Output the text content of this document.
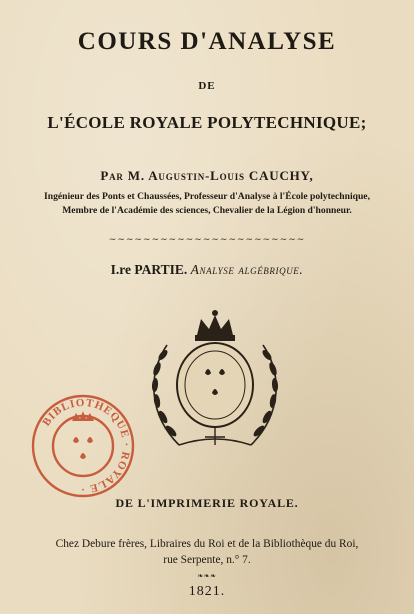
COURS D'ANALYSE
DE
L'ÉCOLE ROYALE POLYTECHNIQUE;
Par M. Augustin-Louis CAUCHY,
Ingénieur des Ponts et Chaussées, Professeur d'Analyse à l'École polytechnique,
Membre de l'Académie des sciences, Chevalier de la Légion d'honneur.
∼∼∼∼∼∼∼∼∼∼∼∼∼∼∼∼∼∼∼∼∼∼∼
I.re PARTIE. Analyse algébrique.
BIBLIOTHEQUE · ROYALE ·
DE L'IMPRIMERIE ROYALE.
Chez Debure frères, Libraires du Roi et de la Bibliothèque du Roi,
rue Serpente, n.° 7.
❧❧❧
1821.
